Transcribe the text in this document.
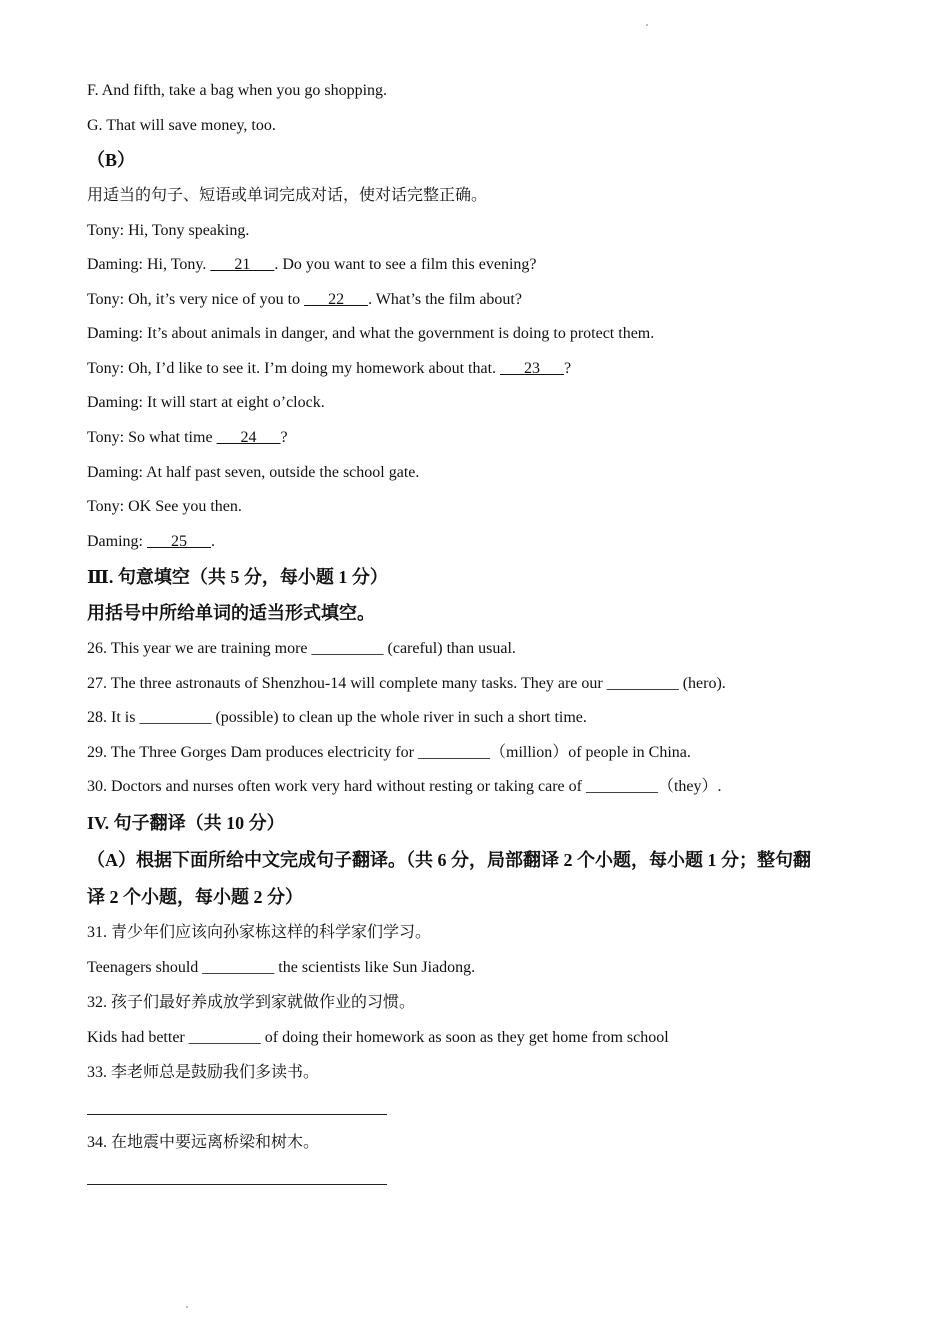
F. And fifth, take a bag when you go shopping.
G. That will save money, too.
（B）
用适当的句子、短语或单词完成对话，使对话完整正确。
Tony: Hi, Tony speaking.
Daming: Hi, Tony.       21      . Do you want to see a film this evening?
Tony: Oh, it’s very nice of you to       22      . What’s the film about?
Daming: It’s about animals in danger, and what the government is doing to protect them.
Tony: Oh, I’d like to see it. I’m doing my homework about that.       23      ?
Daming: It will start at eight o’clock.
Tony: So what time       24      ?
Daming: At half past seven, outside the school gate.
Tony: OK See you then.
Daming:       25      .
Ⅲ. 句意填空（共 5 分，每小题 1 分）
用括号中所给单词的适当形式填空。
26. This year we are training more _________ (careful) than usual.
27. The three astronauts of Shenzhou-14 will complete many tasks. They are our _________ (hero).
28. It is _________ (possible) to clean up the whole river in such a short time.
29. The Three Gorges Dam produces electricity for _________（million）of people in China.
30. Doctors and nurses often work very hard without resting or taking care of _________（they）.
IV. 句子翻译（共 10 分）
（A）根据下面所给中文完成句子翻译。（共 6 分，局部翻译 2 个小题，每小题 1 分；整句翻
译 2 个小题，每小题 2 分）
31. 青少年们应该向孙家栋这样的科学家们学习。
Teenagers should _________ the scientists like Sun Jiadong.
32. 孩子们最好养成放学到家就做作业的习惯。
Kids had better _________ of doing their homework as soon as they get home from school
33. 李老师总是鼓励我们多读书。
34. 在地震中要远离桥梁和树木。
